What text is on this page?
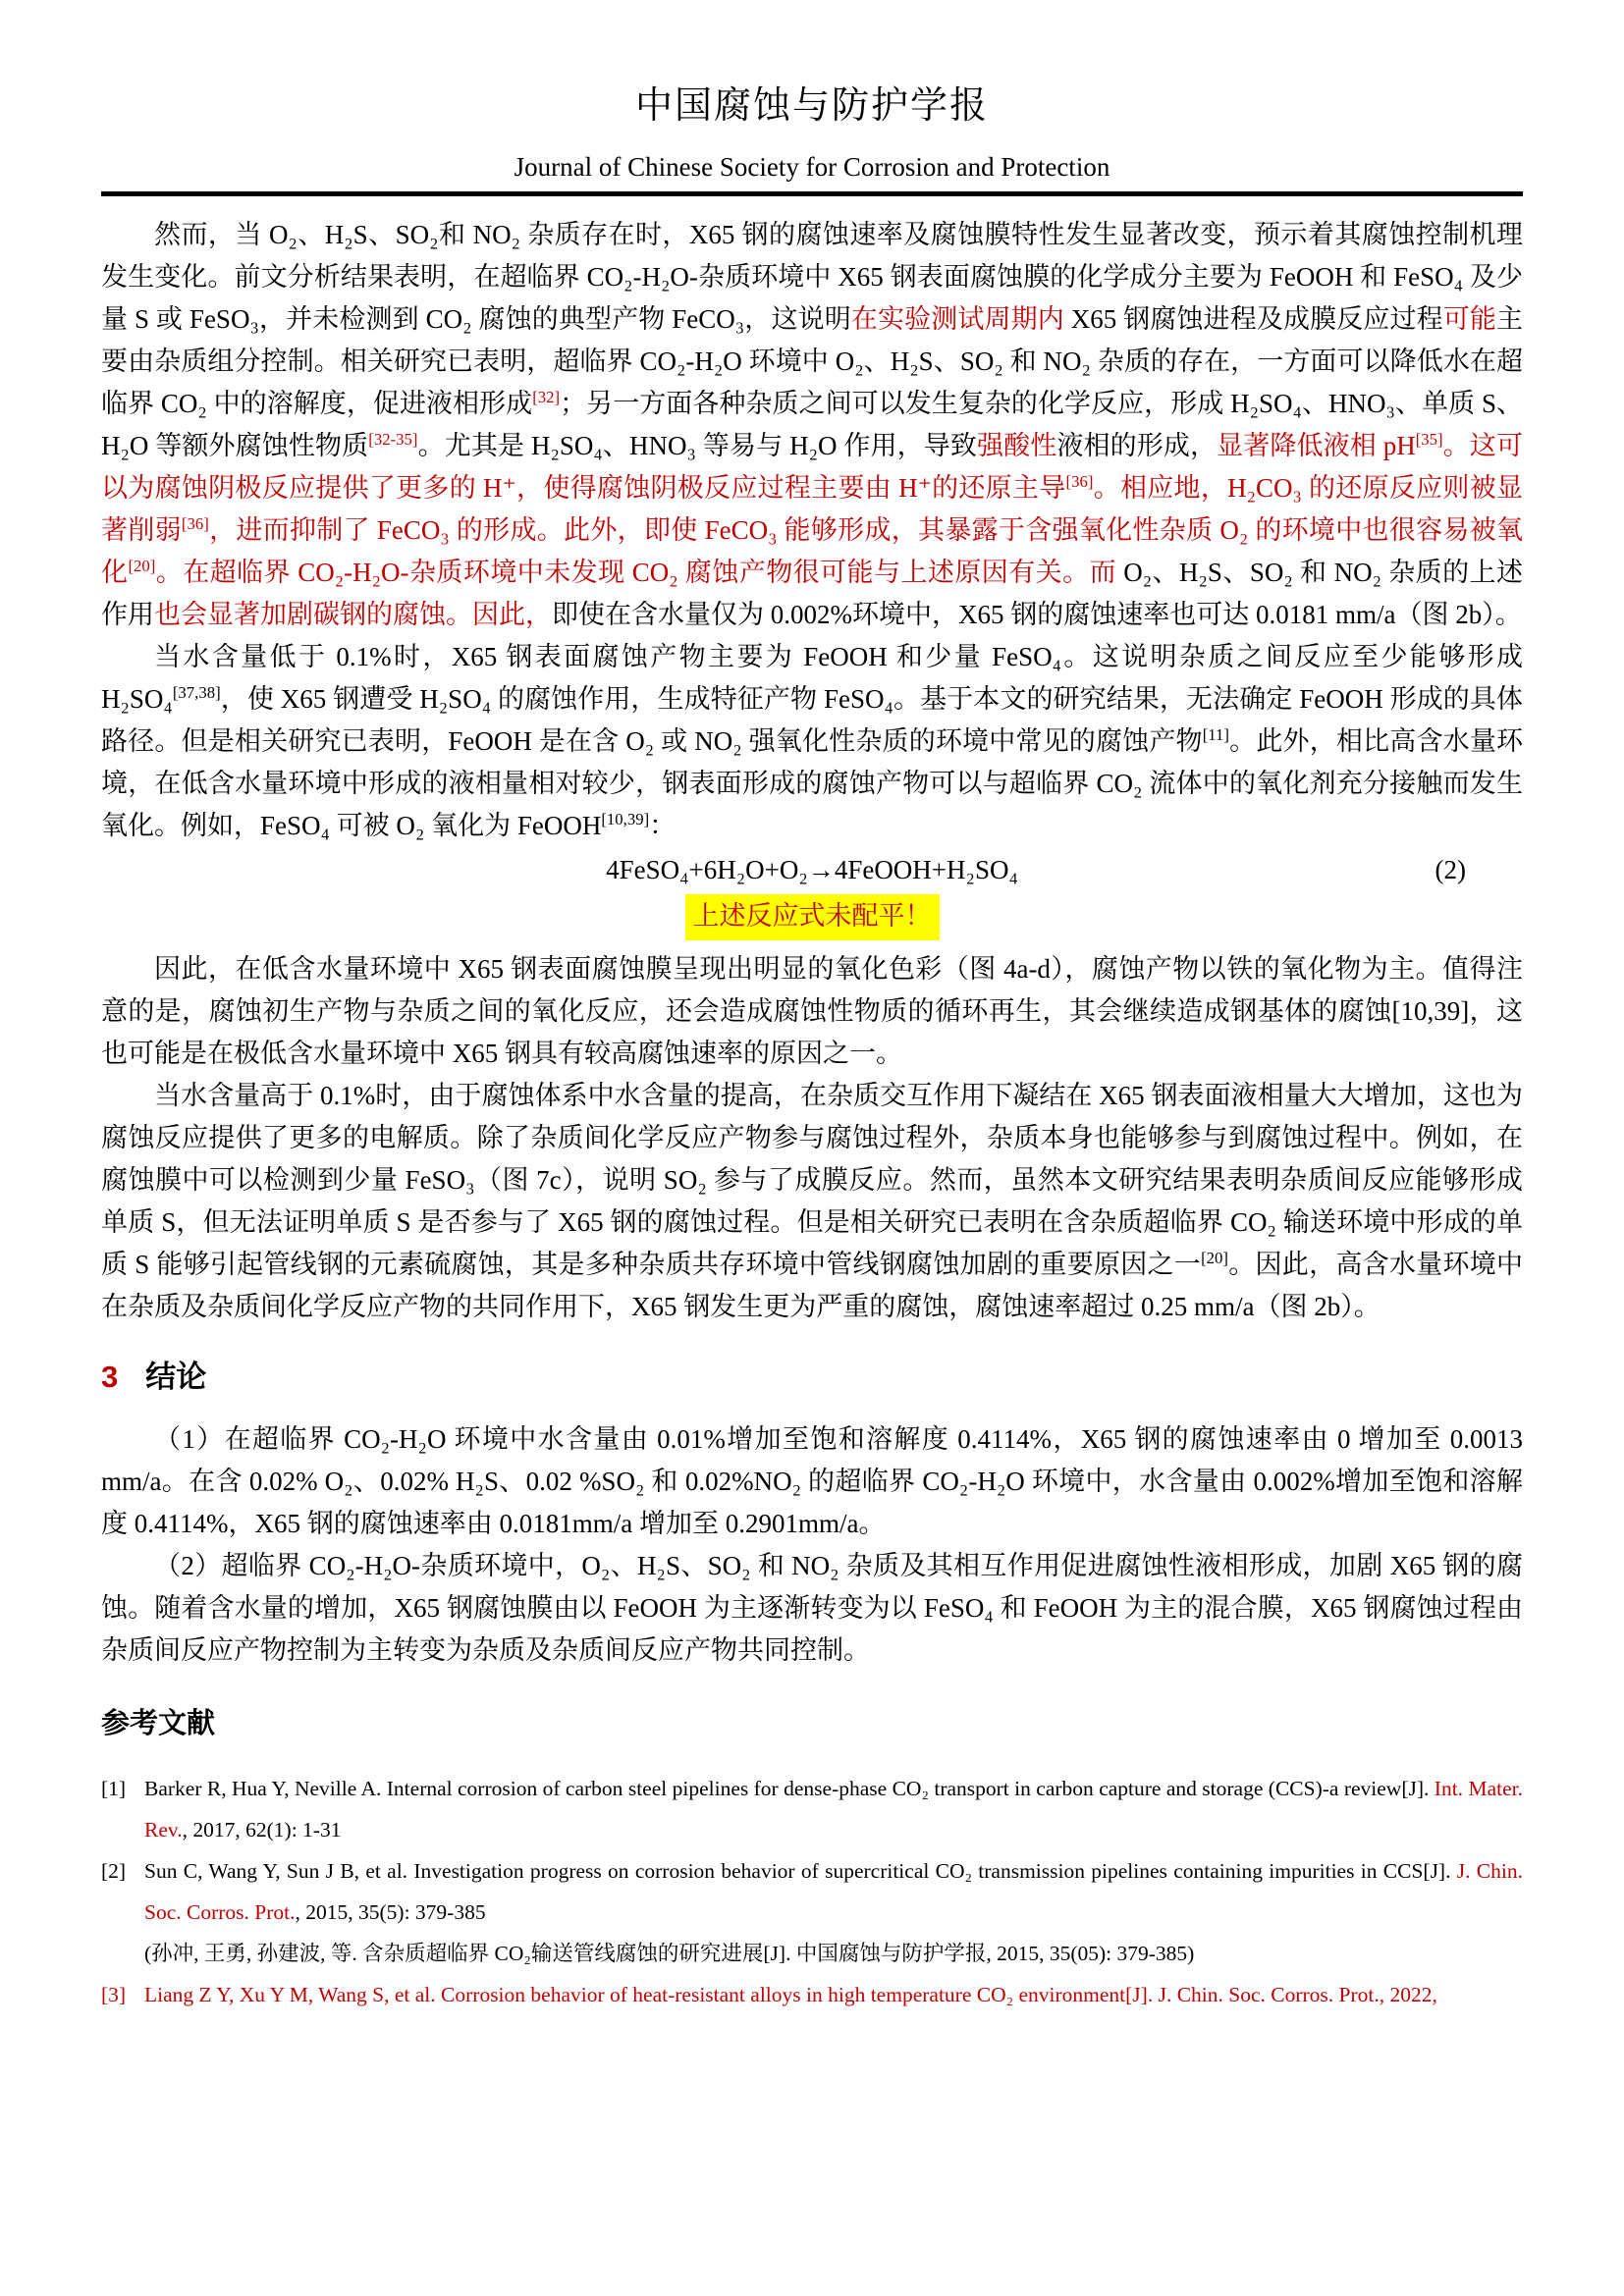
中国腐蚀与防护学报
Journal of Chinese Society for Corrosion and Protection
然而，当 O₂、H₂S、SO₂和 NO₂ 杂质存在时，X65 钢的腐蚀速率及腐蚀膜特性发生显著改变，预示着其腐蚀控制机理发生变化。前文分析结果表明，在超临界 CO₂-H₂O-杂质环境中 X65 钢表面腐蚀膜的化学成分主要为 FeOOH 和 FeSO₄ 及少量 S 或 FeSO₃，并未检测到 CO₂ 腐蚀的典型产物 FeCO₃，这说明在实验测试周期内 X65 钢腐蚀进程及成膜反应过程可能主要由杂质组分控制。相关研究已表明，超临界 CO₂-H₂O 环境中 O₂、H₂S、SO₂ 和 NO₂ 杂质的存在，一方面可以降低水在超临界 CO₂ 中的溶解度，促进液相形成[32]；另一方面各种杂质之间可以发生复杂的化学反应，形成 H₂SO₄、HNO₃、单质 S、H₂O 等额外腐蚀性物质[32-35]。尤其是 H₂SO₄、HNO₃ 等易与 H₂O 作用，导致强酸性液相的形成，显著降低液相 pH[35]。这可以为腐蚀阴极反应提供了更多的 H⁺，使得腐蚀阴极反应过程主要由 H⁺的还原主导[36]。相应地，H₂CO₃ 的还原反应则被显著削弱[36]，进而抑制了 FeCO₃ 的形成。此外，即使 FeCO₃ 能够形成，其暴露于含强氧化性杂质 O₂ 的环境中也很容易被氧化[20]。在超临界 CO₂-H₂O-杂质环境中未发现 CO₂ 腐蚀产物很可能与上述原因有关。而 O₂、H₂S、SO₂ 和 NO₂ 杂质的上述作用也会显著加剧碳钢的腐蚀。因此，即使在含水量仅为 0.002%环境中，X65 钢的腐蚀速率也可达 0.0181 mm/a（图 2b）。
当水含量低于 0.1%时，X65 钢表面腐蚀产物主要为 FeOOH 和少量 FeSO₄。这说明杂质之间反应至少能够形成 H₂SO₄[37,38]，使 X65 钢遭受 H₂SO₄ 的腐蚀作用，生成特征产物 FeSO₄。基于本文的研究结果，无法确定 FeOOH 形成的具体路径。但是相关研究已表明，FeOOH 是在含 O₂ 或 NO₂ 强氧化性杂质的环境中常见的腐蚀产物[11]。此外，相比高含水量环境，在低含水量环境中形成的液相量相对较少，钢表面形成的腐蚀产物可以与超临界 CO₂ 流体中的氧化剂充分接触而发生氧化。例如，FeSO₄ 可被 O₂ 氧化为 FeOOH[10,39]：
4FeSO₄+6H₂O+O₂→4FeOOH+H₂SO₄	(2)
上述反应式未配平！
因此，在低含水量环境中 X65 钢表面腐蚀膜呈现出明显的氧化色彩（图 4a-d），腐蚀产物以铁的氧化物为主。值得注意的是，腐蚀初生产物与杂质之间的氧化反应，还会造成腐蚀性物质的循环再生，其会继续造成钢基体的腐蚀[10,39]，这也可能是在极低含水量环境中 X65 钢具有较高腐蚀速率的原因之一。
当水含量高于 0.1%时，由于腐蚀体系中水含量的提高，在杂质交互作用下凝结在 X65 钢表面液相量大大增加，这也为腐蚀反应提供了更多的电解质。除了杂质间化学反应产物参与腐蚀过程外，杂质本身也能够参与到腐蚀过程中。例如，在腐蚀膜中可以检测到少量 FeSO₃（图 7c），说明 SO₂ 参与了成膜反应。然而，虽然本文研究结果表明杂质间反应能够形成单质 S，但无法证明单质 S 是否参与了 X65 钢的腐蚀过程。但是相关研究已表明在含杂质超临界 CO₂ 输送环境中形成的单质 S 能够引起管线钢的元素硫腐蚀，其是多种杂质共存环境中管线钢腐蚀加剧的重要原因之一[20]。因此，高含水量环境中在杂质及杂质间化学反应产物的共同作用下，X65 钢发生更为严重的腐蚀，腐蚀速率超过 0.25 mm/a（图 2b）。
3 结论
（1）在超临界 CO₂-H₂O 环境中水含量由 0.01%增加至饱和溶解度 0.4114%，X65 钢的腐蚀速率由 0 增加至 0.0013 mm/a。在含 0.02% O₂、0.02% H₂S、0.02 %SO₂ 和 0.02%NO₂ 的超临界 CO₂-H₂O 环境中，水含量由 0.002%增加至饱和溶解度 0.4114%，X65 钢的腐蚀速率由 0.0181mm/a 增加至 0.2901mm/a。
（2）超临界 CO₂-H₂O-杂质环境中，O₂、H₂S、SO₂ 和 NO₂ 杂质及其相互作用促进腐蚀性液相形成，加剧 X65 钢的腐蚀。随着含水量的增加，X65 钢腐蚀膜由以 FeOOH 为主逐渐转变为以 FeSO₄ 和 FeOOH 为主的混合膜，X65 钢腐蚀过程由杂质间反应产物控制为主转变为杂质及杂质间反应产物共同控制。
参考文献
[1] Barker R, Hua Y, Neville A. Internal corrosion of carbon steel pipelines for dense-phase CO₂ transport in carbon capture and storage (CCS)-a review[J]. Int. Mater. Rev., 2017, 62(1): 1-31
[2] Sun C, Wang Y, Sun J B, et al. Investigation progress on corrosion behavior of supercritical CO₂ transmission pipelines containing impurities in CCS[J]. J. Chin. Soc. Corros. Prot., 2015, 35(5): 379-385
(孙冲, 王勇, 孙建波, 等. 含杂质超临界 CO₂输送管线腐蚀的研究进展[J]. 中国腐蚀与防护学报, 2015, 35(05): 379-385)
[3] Liang Z Y, Xu Y M, Wang S, et al. Corrosion behavior of heat-resistant alloys in high temperature CO₂ environment[J]. J. Chin. Soc. Corros. Prot., 2022,
